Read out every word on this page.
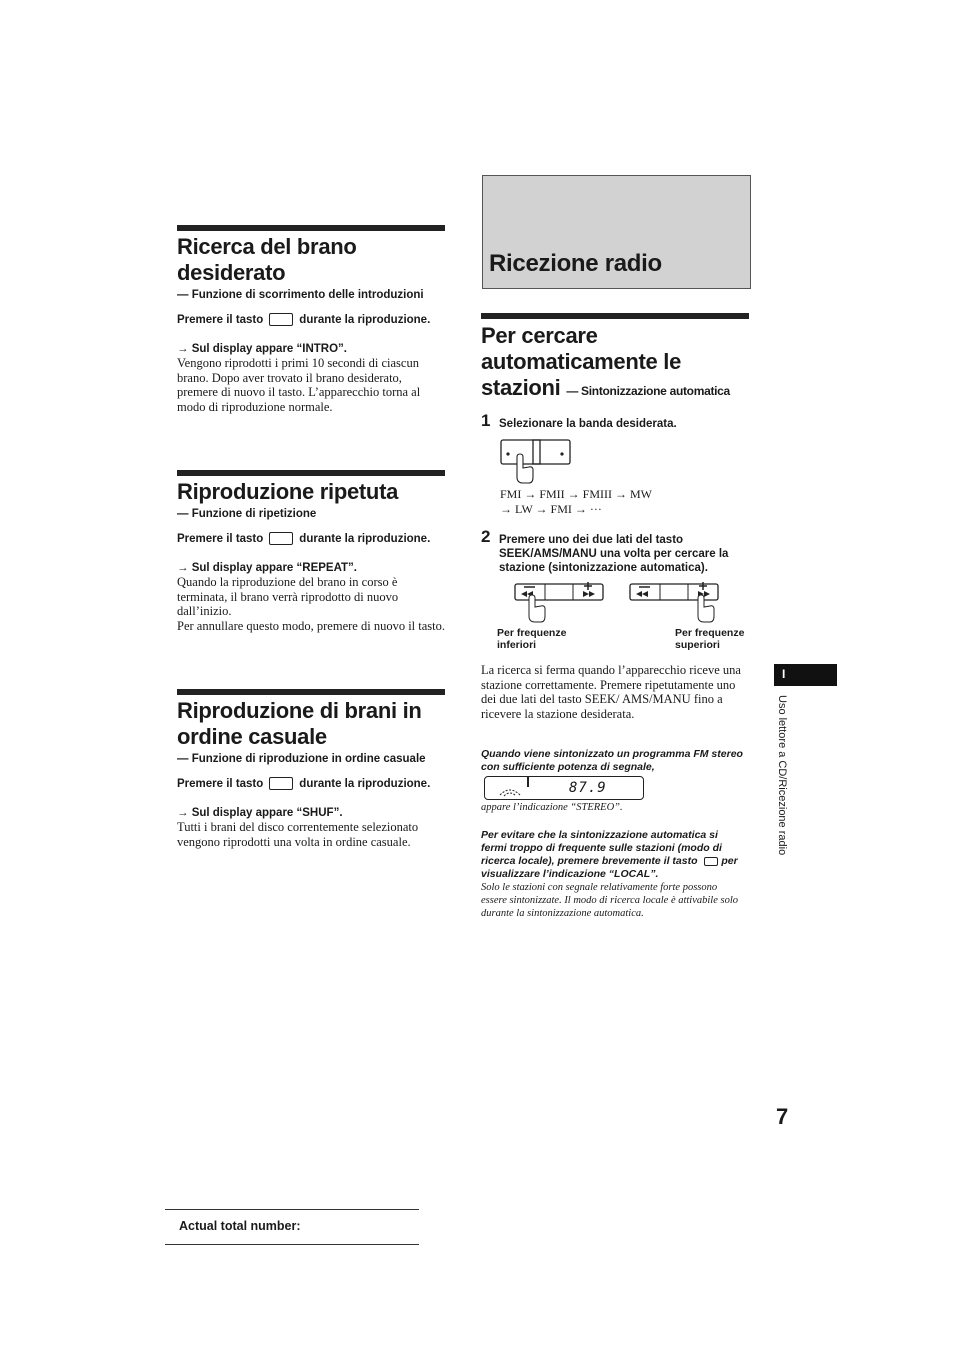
Ricerca del brano desiderato
— Funzione di scorrimento delle introduzioni
Premere il tasto	durante la riproduzione.
→ Sul display appare “INTRO”.
Vengono riprodotti i primi 10 secondi di ciascun brano. Dopo aver trovato il brano desiderato, premere di nuovo il tasto. L’apparecchio torna al modo di riproduzione normale.
Riproduzione ripetuta
— Funzione di ripetizione
Premere il tasto	durante la riproduzione.
→ Sul display appare “REPEAT”.
Quando la riproduzione del brano in corso è terminata, il brano verrà riprodotto di nuovo dall’inizio.
Per annullare questo modo, premere di nuovo il tasto.
Riproduzione di brani in ordine casuale
— Funzione di riproduzione in ordine casuale
Premere il tasto	durante la riproduzione.
→ Sul display appare “SHUF”.
Tutti i brani del disco correntemente selezionato vengono riprodotti una volta in ordine casuale.
Ricezione radio
Per cercare automaticamente le stazioni — Sintonizzazione automatica
1 Selezionare la banda desiderata.
FMI → FMII → FMIII → MW
→ LW → FMI → ···
2 Premere uno dei due lati del tasto SEEK/AMS/MANU una volta per cercare la stazione (sintonizzazione automatica).
Per frequenze inferiori
Per frequenze superiori
La ricerca si ferma quando l’apparecchio riceve una stazione correttamente. Premere ripetutamente uno dei due lati del tasto SEEK/ AMS/MANU fino a ricevere la stazione desiderata.
Quando viene sintonizzato un programma FM stereo con sufficiente potenza di segnale,
87.9
appare l’indicazione “STEREO”.
Per evitare che la sintonizzazione automatica si fermi troppo di frequente sulle stazioni (modo di ricerca locale), premere brevemente il tasto per visualizzare l’indicazione “LOCAL”.
Solo le stazioni con segnale relativamente forte possono essere sintonizzate. Il modo di ricerca locale è attivabile solo durante la sintonizzazione automatica.
I
Uso lettore a CD/Ricezione radio
7
Actual total number:
